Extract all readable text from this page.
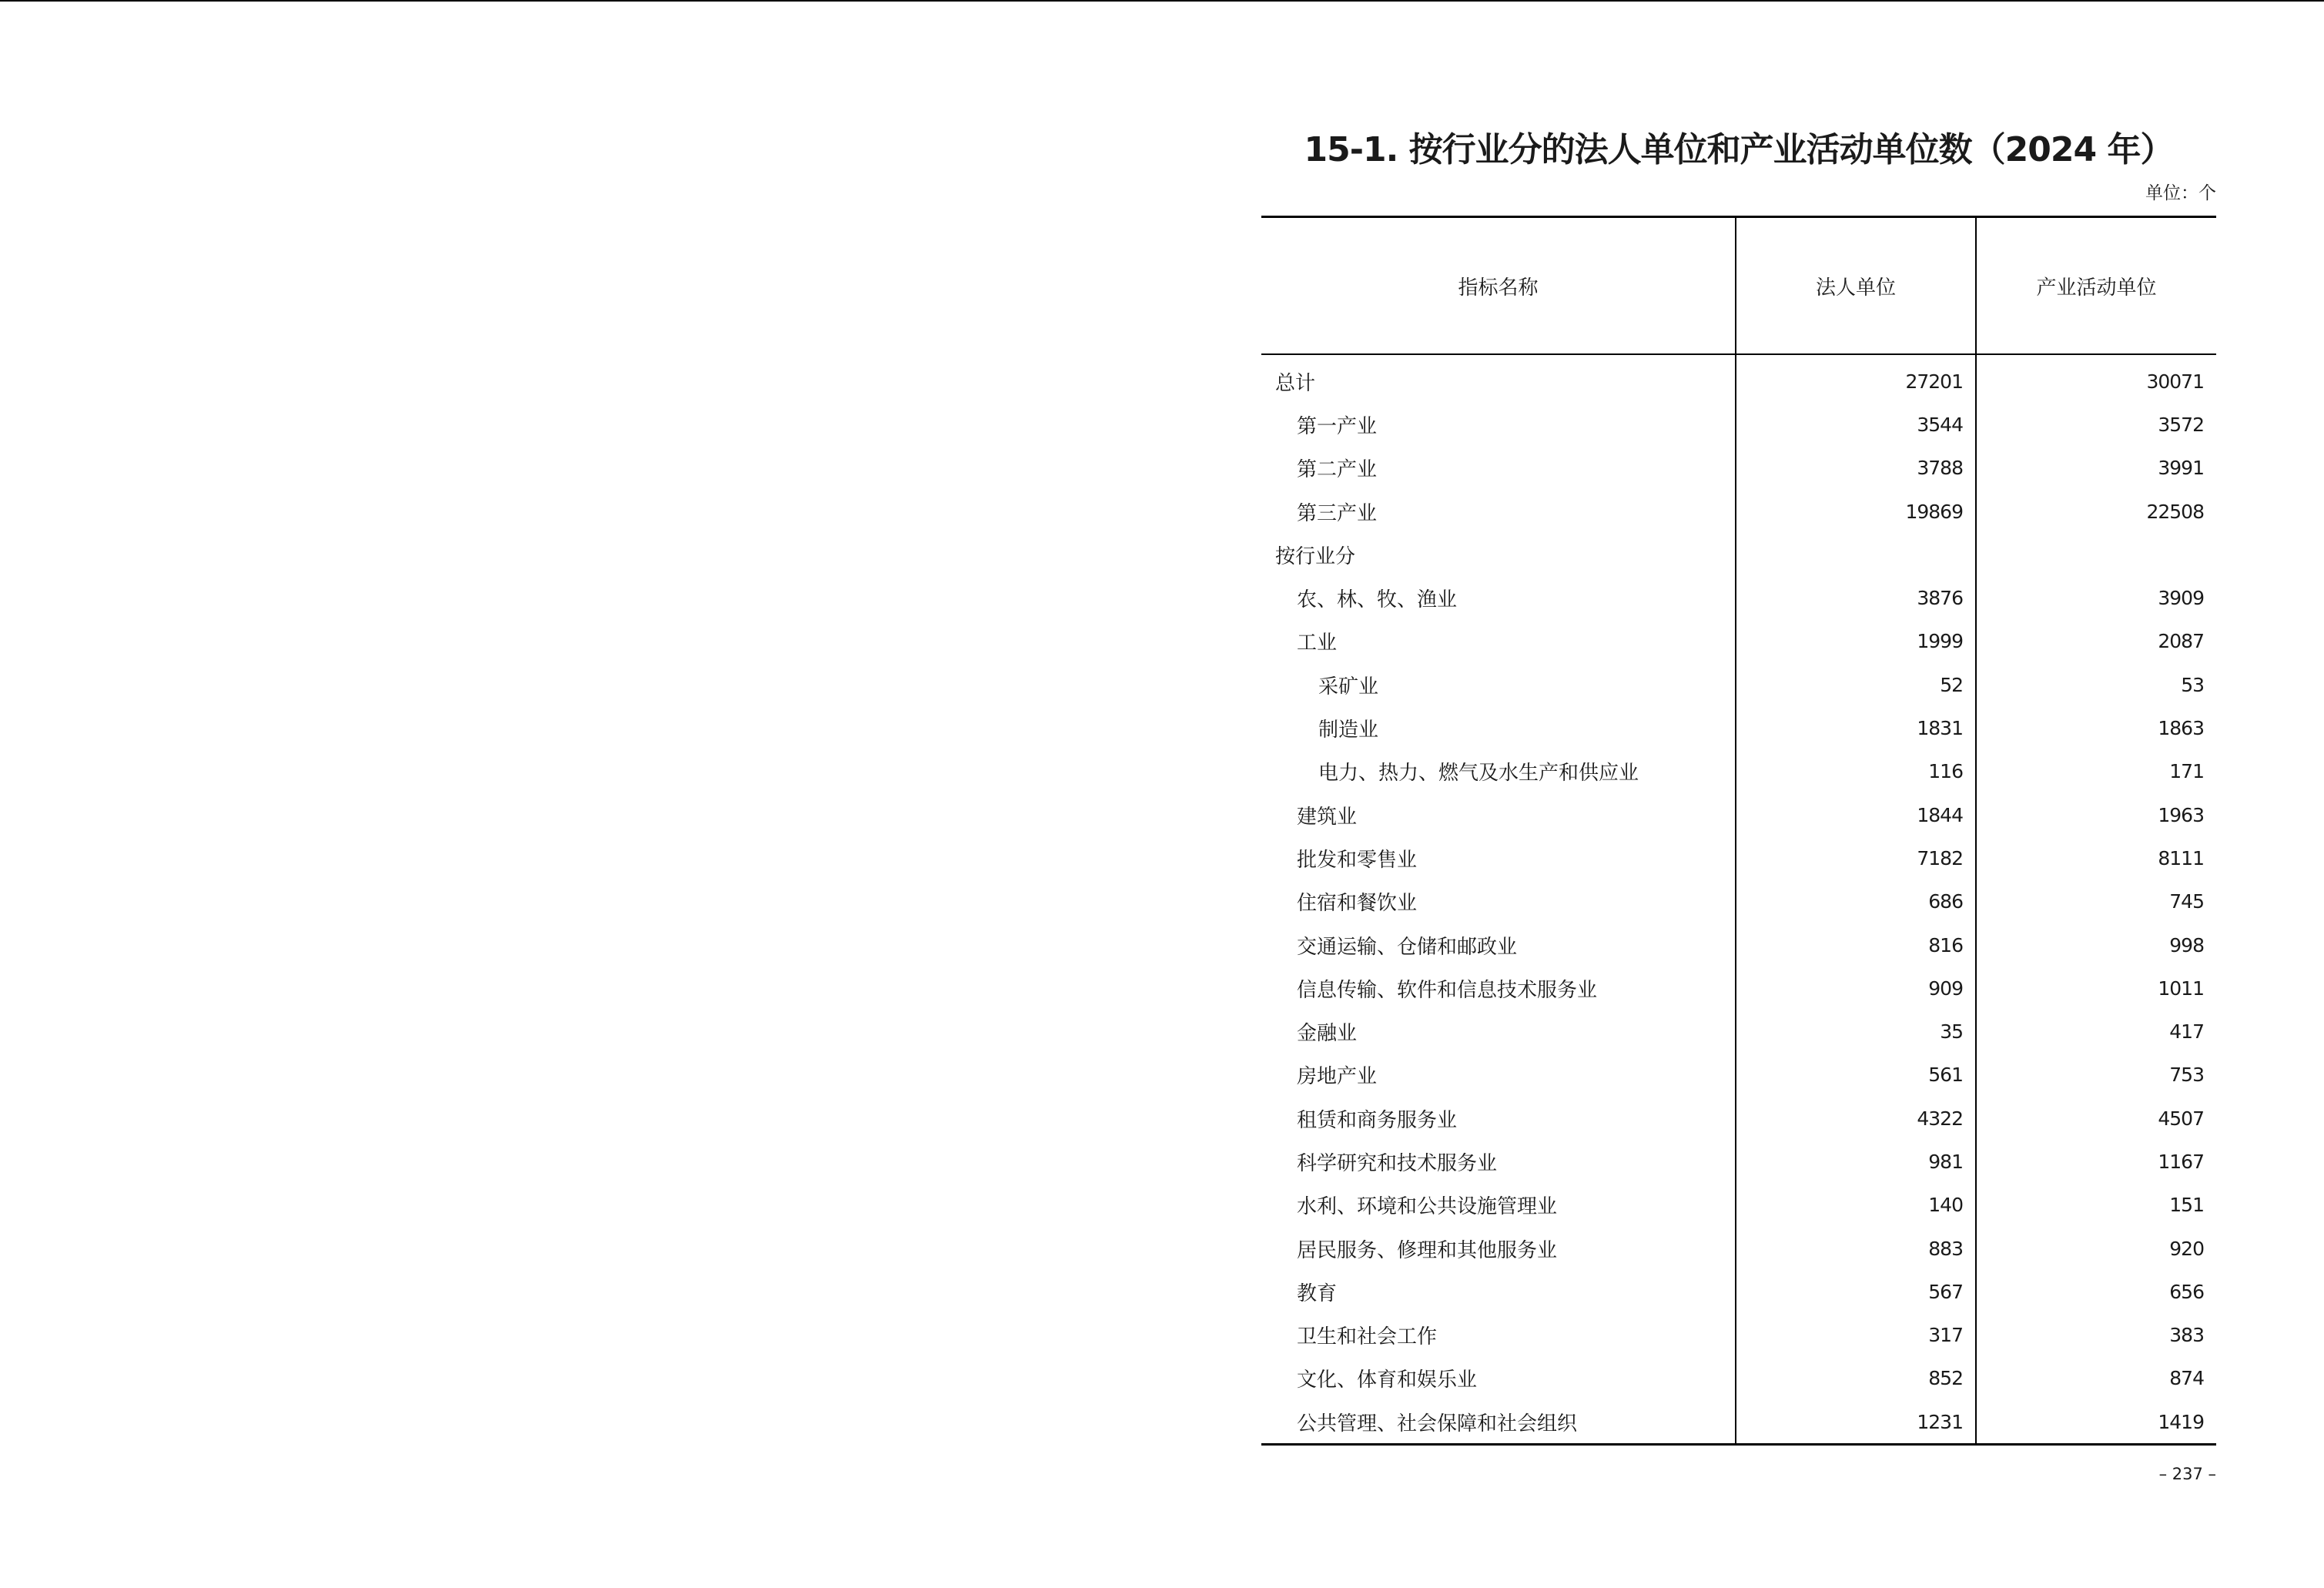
15-1. 按行业分的法人单位和产业活动单位数（2024 年）
单位：个
指标名称	法人单位	产业活动单位
总计	27201	30071
第一产业	3544	3572
第二产业	3788	3991
第三产业	19869	22508
按行业分		
农、林、牧、渔业	3876	3909
工业	1999	2087
采矿业	52	53
制造业	1831	1863
电力、热力、燃气及水生产和供应业	116	171
建筑业	1844	1963
批发和零售业	7182	8111
住宿和餐饮业	686	745
交通运输、仓储和邮政业	816	998
信息传输、软件和信息技术服务业	909	1011
金融业	35	417
房地产业	561	753
租赁和商务服务业	4322	4507
科学研究和技术服务业	981	1167
水利、环境和公共设施管理业	140	151
居民服务、修理和其他服务业	883	920
教育	567	656
卫生和社会工作	317	383
文化、体育和娱乐业	852	874
公共管理、社会保障和社会组织	1231	1419
– 237 –
